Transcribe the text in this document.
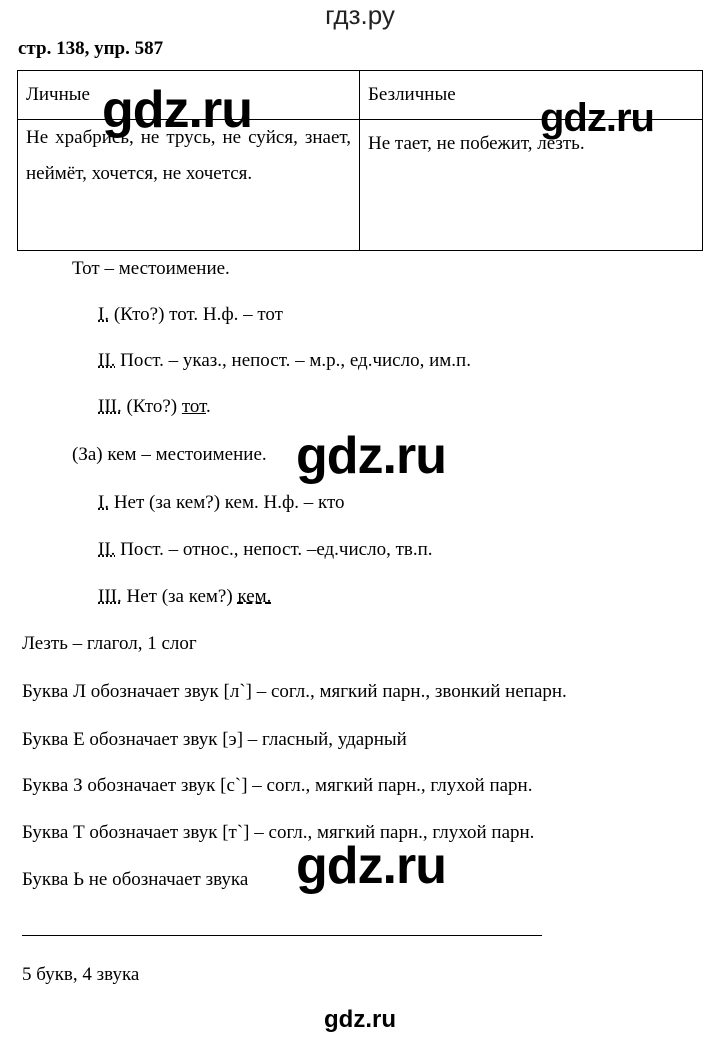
гдз.ру
стр. 138, упр. 587
Личные	Безличные
Не храбрись, не трусь, не суйся, знает, неймёт, хочется, не хочется.	Не тает, не побежит, лезть.
Тот – местоимение.
I. (Кто?) тот. Н.ф. – тот
II. Пост. – указ., непост. – м.р., ед.число, им.п.
III. (Кто?) тот.
(За) кем – местоимение.
I. Нет (за кем?) кем. Н.ф. – кто
II. Пост. – относ., непост. –ед.число, тв.п.
III. Нет (за кем?) кем.
Лезть – глагол, 1 слог
Буква Л обозначает звук [л`] – согл., мягкий парн., звонкий непарн.
Буква Е обозначает звук [э] – гласный, ударный
Буква З обозначает звук [с`] – согл., мягкий парн., глухой парн.
Буква Т обозначает звук [т`] – согл., мягкий парн., глухой парн.
Буква Ь не обозначает звука
5 букв, 4 звука
gdz.ru	gdz.ru
gdz.ru
gdz.ru
gdz.ru
